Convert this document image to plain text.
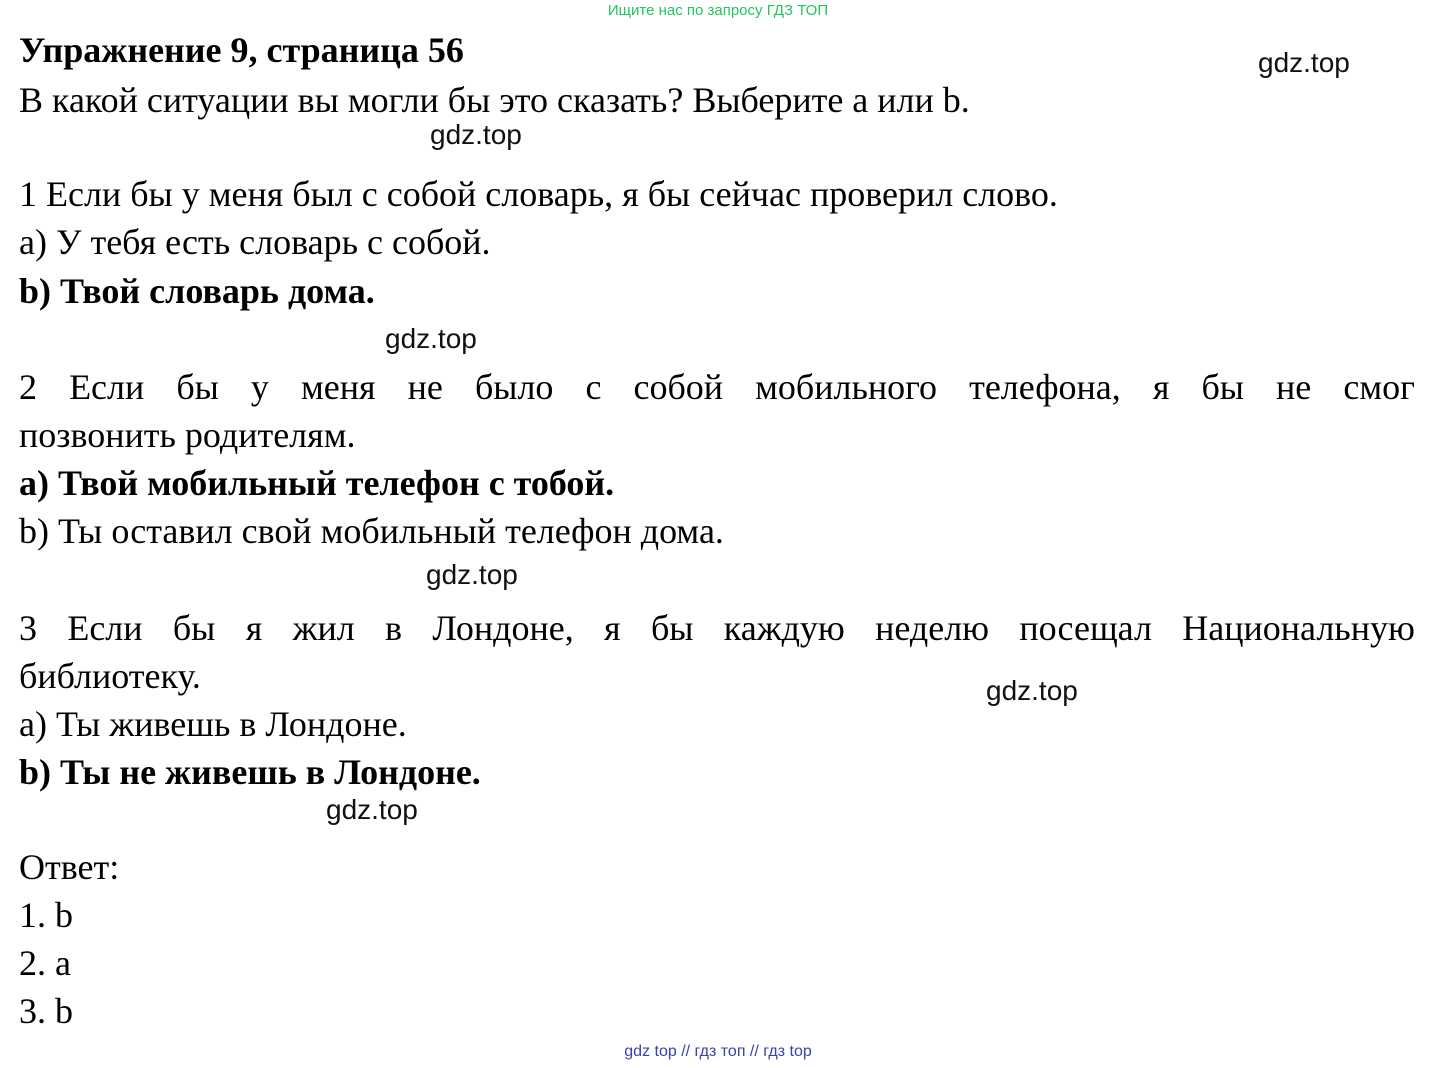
Ищите нас по запросу ГДЗ ТОП
Упражнение 9, страница 56	gdz.top
В какой ситуации вы могли бы это сказать? Выберите a или b.
gdz.top
1 Если бы у меня был с собой словарь, я бы сейчас проверил слово.
a) У тебя есть словарь с собой.
b) Твой словарь дома.
gdz.top
2 Если бы у меня не было с собой мобильного телефона, я бы не смог
позвонить родителям.
a) Твой мобильный телефон с тобой.
b) Ты оставил свой мобильный телефон дома.
gdz.top
3 Если бы я жил в Лондоне, я бы каждую неделю посещал Национальную
библиотеку.	gdz.top
a) Ты живешь в Лондоне.
b) Ты не живешь в Лондоне.
gdz.top
Ответ:
1. b
2. a
3. b
gdz top // гдз топ // гдз top
